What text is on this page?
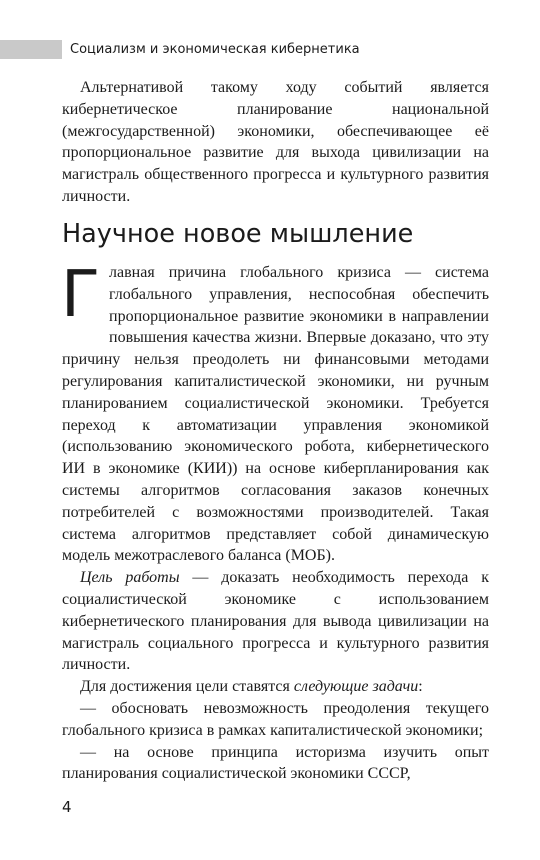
Социализм и экономическая кибернетика

Альтернативой такому ходу событий является кибернетическое планирование национальной (межгосударственной) экономики, обеспечивающее её пропорциональное развитие для выхода цивилизации на магистраль общественного прогресса и культурного развития личности.

Научное новое мышление

Главная причина глобального кризиса — система глобального управления, неспособная обеспечить пропорциональное развитие экономики в направлении повышения качества жизни. Впервые доказано, что эту причину нельзя преодолеть ни финансовыми методами регулирования капиталистической экономики, ни ручным планированием социалистической экономики. Требуется переход к автоматизации управления экономикой (использованию экономического робота, кибернетического ИИ в экономике (КИИ)) на основе киберпланирования как системы алгоритмов согласования заказов конечных потребителей с возможностями производителей. Такая система алгоритмов представляет собой динамическую модель межотраслевого баланса (МОБ).

Цель работы — доказать необходимость перехода к социалистической экономике с использованием кибернетического планирования для вывода цивилизации на магистраль социального прогресса и культурного развития личности.

Для достижения цели ставятся следующие задачи:

— обосновать невозможность преодоления текущего глобального кризиса в рамках капиталистической экономики;

— на основе принципа историзма изучить опыт планирования социалистической экономики СССР,

4
